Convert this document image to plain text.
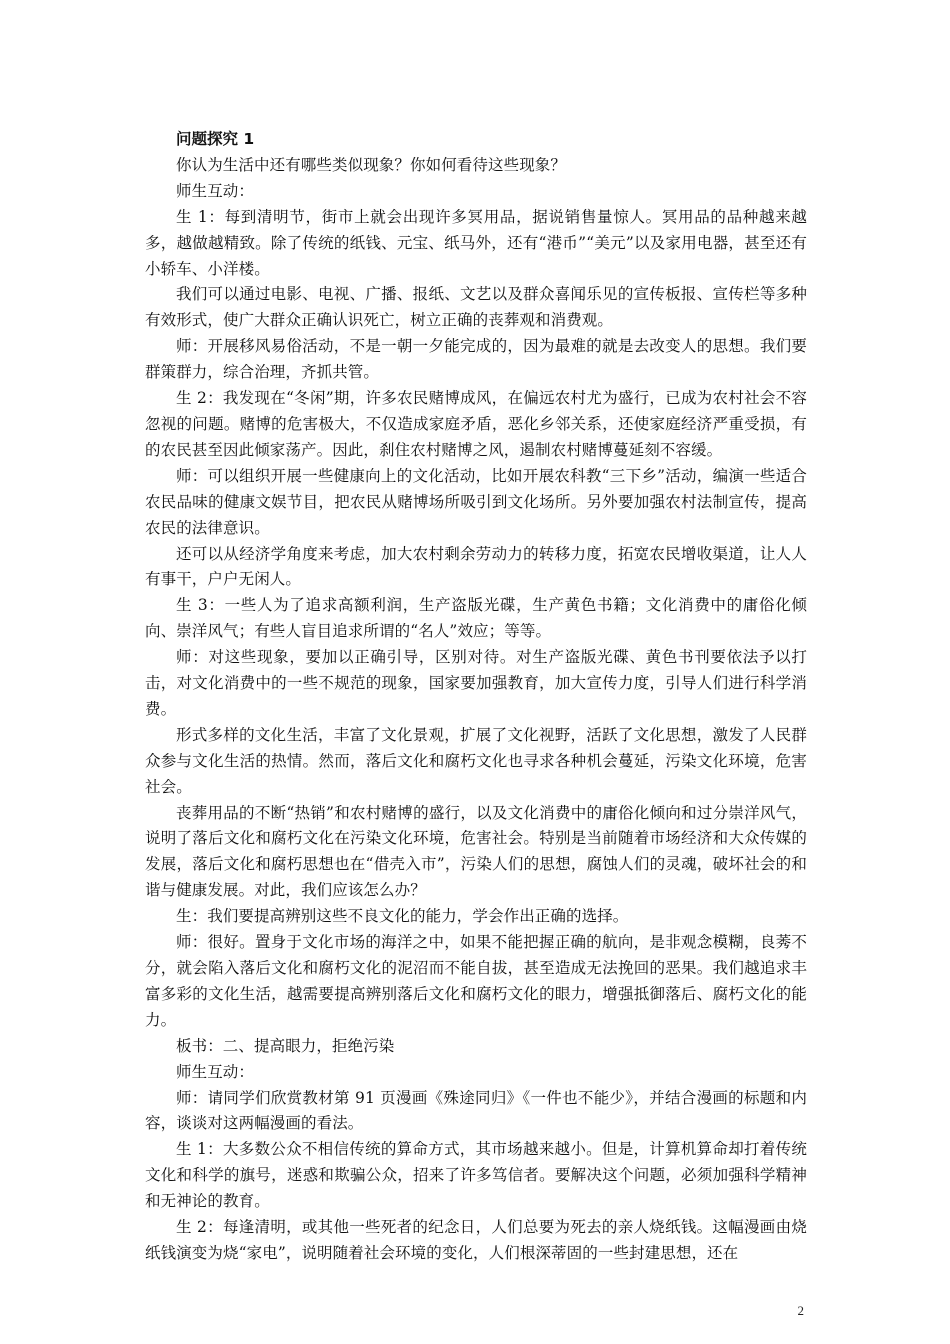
问题探究 1

你认为生活中还有哪些类似现象？你如何看待这些现象？

师生互动：

生 1：每到清明节，街市上就会出现许多冥用品，据说销售量惊人。冥用品的品种越来越多，越做越精致。除了传统的纸钱、元宝、纸马外，还有“港币”“美元”以及家用电器，甚至还有小轿车、小洋楼。

我们可以通过电影、电视、广播、报纸、文艺以及群众喜闻乐见的宣传板报、宣传栏等多种有效形式，使广大群众正确认识死亡，树立正确的丧葬观和消费观。

师：开展移风易俗活动，不是一朝一夕能完成的，因为最难的就是去改变人的思想。我们要群策群力，综合治理，齐抓共管。

生 2：我发现在“冬闲”期，许多农民赌博成风，在偏远农村尤为盛行，已成为农村社会不容忽视的问题。赌博的危害极大，不仅造成家庭矛盾，恶化乡邻关系，还使家庭经济严重受损，有的农民甚至因此倾家荡产。因此，刹住农村赌博之风，遏制农村赌博蔓延刻不容缓。

师：可以组织开展一些健康向上的文化活动，比如开展农科教“三下乡”活动，编演一些适合农民品味的健康文娱节目，把农民从赌博场所吸引到文化场所。另外要加强农村法制宣传，提高农民的法律意识。

还可以从经济学角度来考虑，加大农村剩余劳动力的转移力度，拓宽农民增收渠道，让人人有事干，户户无闲人。

生 3：一些人为了追求高额利润，生产盗版光碟，生产黄色书籍；文化消费中的庸俗化倾向、崇洋风气；有些人盲目追求所谓的“名人”效应；等等。

师：对这些现象，要加以正确引导，区别对待。对生产盗版光碟、黄色书刊要依法予以打击，对文化消费中的一些不规范的现象，国家要加强教育，加大宣传力度，引导人们进行科学消费。

形式多样的文化生活，丰富了文化景观，扩展了文化视野，活跃了文化思想，激发了人民群众参与文化生活的热情。然而，落后文化和腐朽文化也寻求各种机会蔓延，污染文化环境，危害社会。

丧葬用品的不断“热销”和农村赌博的盛行，以及文化消费中的庸俗化倾向和过分崇洋风气，说明了落后文化和腐朽文化在污染文化环境，危害社会。特别是当前随着市场经济和大众传媒的发展，落后文化和腐朽思想也在“借壳入市”，污染人们的思想，腐蚀人们的灵魂，破坏社会的和谐与健康发展。对此，我们应该怎么办？

生：我们要提高辨别这些不良文化的能力，学会作出正确的选择。

师：很好。置身于文化市场的海洋之中，如果不能把握正确的航向，是非观念模糊，良莠不分，就会陷入落后文化和腐朽文化的泥沼而不能自拔，甚至造成无法挽回的恶果。我们越追求丰富多彩的文化生活，越需要提高辨别落后文化和腐朽文化的眼力，增强抵御落后、腐朽文化的能力。

板书：二、提高眼力，拒绝污染

师生互动：

师：请同学们欣赏教材第 91 页漫画《殊途同归》《一件也不能少》，并结合漫画的标题和内容，谈谈对这两幅漫画的看法。

生 1：大多数公众不相信传统的算命方式，其市场越来越小。但是，计算机算命却打着传统文化和科学的旗号，迷惑和欺骗公众，招来了许多笃信者。要解决这个问题，必须加强科学精神和无神论的教育。

生 2：每逢清明，或其他一些死者的纪念日，人们总要为死去的亲人烧纸钱。这幅漫画由烧纸钱演变为烧“家电”，说明随着社会环境的变化，人们根深蒂固的一些封建思想，还在

2
